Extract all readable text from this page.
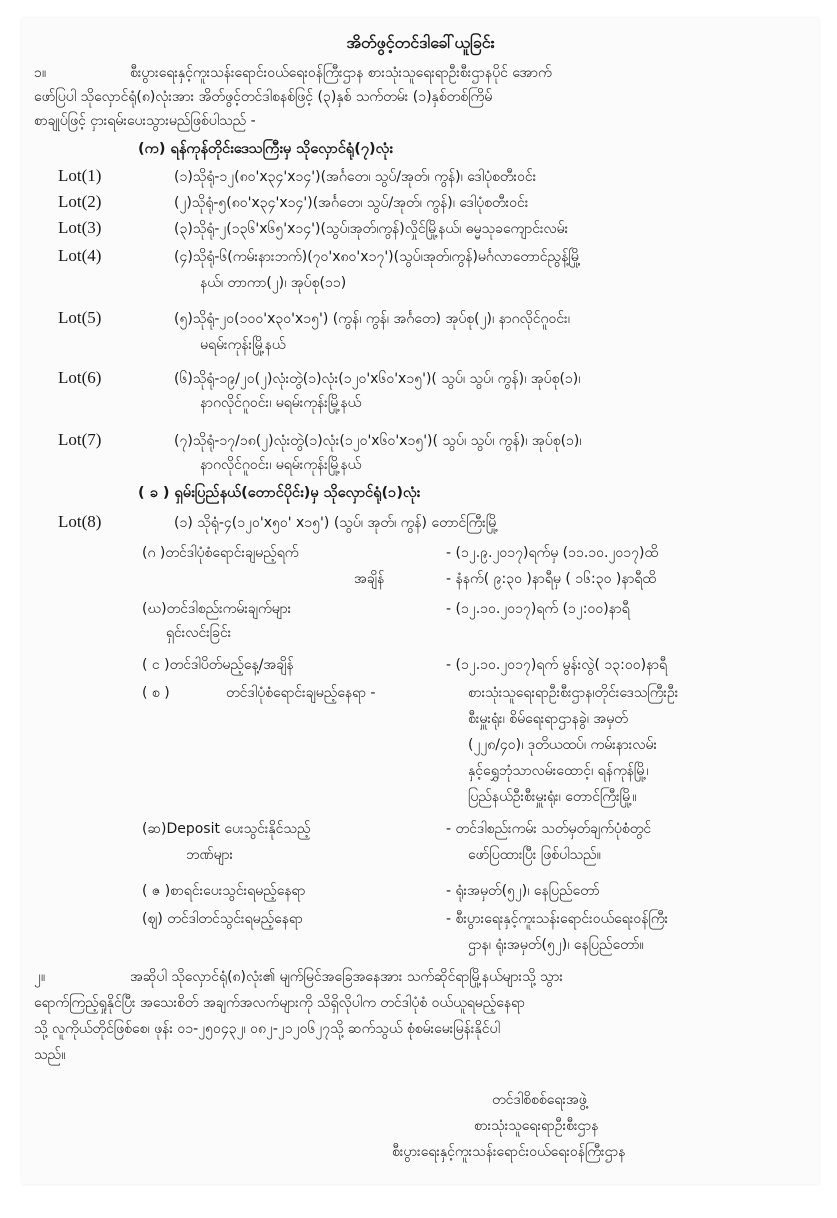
အိတ်ဖွင့်တင်ဒါခေါ်ယူခြင်း
၁။	စီးပွားရေးနှင့်ကူးသန်းရောင်းဝယ်ရေးဝန်ကြီးဌာန စားသုံးသူရေးရာဦးစီးဌာနပိုင် အောက်
ဖော်ပြပါ သိုလှောင်ရုံ(၈)လုံးအား အိတ်ဖွင့်တင်ဒါစနစ်ဖြင့် (၃)နှစ် သက်တမ်း (၁)နှစ်တစ်ကြိမ်
စာချုပ်ဖြင့် ငှားရမ်းပေးသွားမည်ဖြစ်ပါသည် -
(က) ရန်ကုန်တိုင်းဒေသကြီးမှ သိုလှောင်ရုံ(၇)လုံး
Lot(1)	(၁)သိုရုံ-၁၂(၈၀'x၃၄'x၁၄')(အင်္ဂတေ၊ သွပ်/အုတ်၊ ကွန်)၊ ဒေါပုံစတီးဝင်း
Lot(2)	(၂)သိုရုံ-၅(၈၀'x၃၄'x၁၄')(အင်္ဂတေ၊ သွပ်/အုတ်၊ ကွန်)၊ ဒေါပုံစတီးဝင်း
Lot(3)	(၃)သိုရုံ-၂(၁၃၆'x၆၅'x၁၄')(သွပ်၊အုတ်၊ကွန်)လှိုင်မြို့နယ်၊ ဓမ္မသုခကျောင်းလမ်း
Lot(4)	(၄)သိုရုံ-၆(ကမ်းနားဘက်)(၇၀'x၈၀'x၁၇')(သွပ်၊အုတ်၊ကွန်)မင်္ဂလာတောင်ညွန့်မြို့
နယ်၊ တာကာ(၂)၊ အုပ်စု(၁၁)
Lot(5)	(၅)သိုရုံ-၂၀(၁၀၀'x၃၀'x၁၅') (ကွန်၊ ကွန်၊ အင်္ဂတေ) အုပ်စု(၂)၊ နာဂလိုင်ဂူဝင်း၊
မရမ်းကုန်းမြို့နယ်
Lot(6)	(၆)သိုရုံ-၁၉/၂၀(၂)လုံးတွဲ(၁)လုံး(၁၂၀'x၆၀'x၁၅')( သွပ်၊ သွပ်၊ ကွန်)၊ အုပ်စု(၁)၊
နာဂလိုင်ဂူဝင်း၊ မရမ်းကုန်းမြို့နယ်
Lot(7)	(၇)သိုရုံ-၁၇/၁၈(၂)လုံးတွဲ(၁)လုံး(၁၂၀'x၆၀'x၁၅')( သွပ်၊ သွပ်၊ ကွန်)၊ အုပ်စု(၁)၊
နာဂလိုင်ဂူဝင်း၊ မရမ်းကုန်းမြို့နယ်
( ခ ) ရှမ်းပြည်နယ်(တောင်ပိုင်း)မှ သိုလှောင်ရုံ(၁)လုံး
Lot(8)	(၁) သိုရုံ-၄(၁၂၀'x၅၀' x၁၅') (သွပ်၊ အုတ်၊ ကွန်) တောင်ကြီးမြို့
(ဂ )တင်ဒါပုံစံရောင်းချမည့်ရက်	- (၁၂.၉.၂၀၁၇)ရက်မှ (၁၁.၁၀.၂၀၁၇)ထိ
အချိန်	- နံနက်( ၉:၃၀ )နာရီမှ ( ၁၆:၃၀ )နာရီထိ
(ဃ)တင်ဒါစည်းကမ်းချက်များ
ရှင်းလင်းခြင်း
- (၁၂.၁၀.၂၀၁၇)ရက် (၁၂:၀၀)နာရီ
( င )တင်ဒါပိတ်မည့်နေ့/အချိန်	- (၁၂.၁၀.၂၀၁၇)ရက် မွန်းလွဲ( ၁၃:၀၀)နာရီ
( စ )	တင်ဒါပုံစံရောင်းချမည့်နေရာ -	စားသုံးသူရေးရာဦးစီးဌာန၊တိုင်းဒေသကြီးဦး
စီးမှူးရုံး၊ စိမ်ရေးရာဌာနခွဲ၊ အမှတ်
(၂၂၈/၄၀)၊ ဒုတိယထပ်၊ ကမ်းနားလမ်း
နှင့်ရွှေဘုံသာလမ်းထောင့်၊ ရန်ကုန်မြို့၊
ပြည်နယ်ဦးစီးမှူးရုံး၊ တောင်ကြီးမြို့။
(ဆ)Deposit ပေးသွင်းနိုင်သည့်
ဘဏ်များ
- တင်ဒါစည်းကမ်း သတ်မှတ်ချက်ပုံစံတွင်
ဖော်ပြထားပြီး ဖြစ်ပါသည်။
( ဇ )စာရင်းပေးသွင်းရမည့်နေရာ	- ရုံးအမှတ်(၅၂)၊ နေပြည်တော်
(ဈ) တင်ဒါတင်သွင်းရမည့်နေရာ	- စီးပွားရေးနှင့်ကူးသန်းရောင်းဝယ်ရေးဝန်ကြီး
ဌာန၊ ရုံးအမှတ်(၅၂)၊ နေပြည်တော်။
၂။	အဆိုပါ သိုလှောင်ရုံ(၈)လုံး၏ မျက်မြင်အခြေအနေအား သက်ဆိုင်ရာမြို့နယ်များသို့ သွား
ရောက်ကြည့်ရှုနိုင်ပြီး အသေးစိတ် အချက်အလက်များကို သိရှိလိုပါက တင်ဒါပုံစံ ဝယ်ယူရမည့်နေရာ
သို့ လူကိုယ်တိုင်ဖြစ်စေ၊ ဖုန်း ၀၁-၂၅၀၄၃၂၊ ၀၈၂-၂၁၂၀၆၂၇သို့ ဆက်သွယ် စုံစမ်းမေးမြန်းနိုင်ပါ
သည်။
တင်ဒါစိစစ်ရေးအဖွဲ့
စားသုံးသူရေးရာဦးစီးဌာန
စီးပွားရေးနှင့်ကူးသန်းရောင်းဝယ်ရေးဝန်ကြီးဌာန
